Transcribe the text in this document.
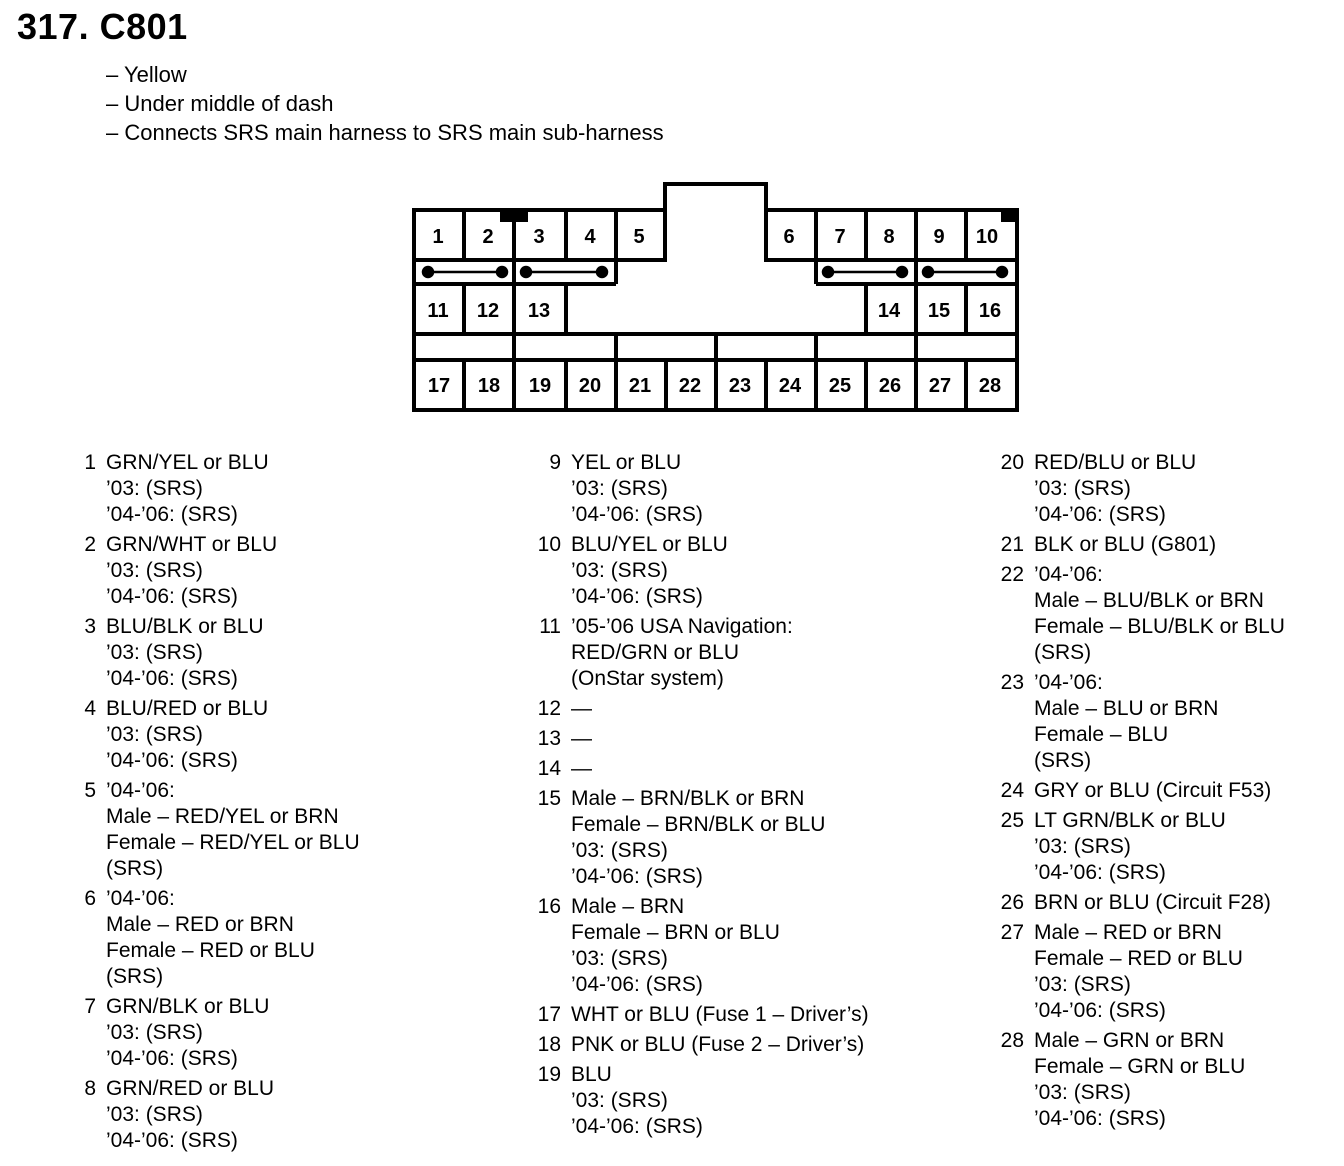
317. C801
– Yellow
– Under middle of dash
– Connects SRS main harness to SRS main sub-harness
1 2 3 4 5	6 7 8 9 10
11 12 13	14 15 16
17 18 19 20 21 22 23 24 25 26 27 28
1 GRN/YEL or BLU
’03: (SRS)
’04-’06: (SRS)
2 GRN/WHT or BLU
’03: (SRS)
’04-’06: (SRS)
3 BLU/BLK or BLU
’03: (SRS)
’04-’06: (SRS)
4 BLU/RED or BLU
’03: (SRS)
’04-’06: (SRS)
5 ’04-’06:
Male – RED/YEL or BRN
Female – RED/YEL or BLU
(SRS)
6 ’04-’06:
Male – RED or BRN
Female – RED or BLU
(SRS)
7 GRN/BLK or BLU
’03: (SRS)
’04-’06: (SRS)
8 GRN/RED or BLU
’03: (SRS)
’04-’06: (SRS)
9 YEL or BLU
’03: (SRS)
’04-’06: (SRS)
10 BLU/YEL or BLU
’03: (SRS)
’04-’06: (SRS)
11 ’05-’06 USA Navigation:
RED/GRN or BLU
(OnStar system)
12 —
13 —
14 —
15 Male – BRN/BLK or BRN
Female – BRN/BLK or BLU
’03: (SRS)
’04-’06: (SRS)
16 Male – BRN
Female – BRN or BLU
’03: (SRS)
’04-’06: (SRS)
17 WHT or BLU (Fuse 1 – Driver’s)
18 PNK or BLU (Fuse 2 – Driver’s)
19 BLU
’03: (SRS)
’04-’06: (SRS)
20 RED/BLU or BLU
’03: (SRS)
’04-’06: (SRS)
21 BLK or BLU (G801)
22 ’04-’06:
Male – BLU/BLK or BRN
Female – BLU/BLK or BLU
(SRS)
23 ’04-’06:
Male – BLU or BRN
Female – BLU
(SRS)
24 GRY or BLU (Circuit F53)
25 LT GRN/BLK or BLU
’03: (SRS)
’04-’06: (SRS)
26 BRN or BLU (Circuit F28)
27 Male – RED or BRN
Female – RED or BLU
’03: (SRS)
’04-’06: (SRS)
28 Male – GRN or BRN
Female – GRN or BLU
’03: (SRS)
’04-’06: (SRS)
